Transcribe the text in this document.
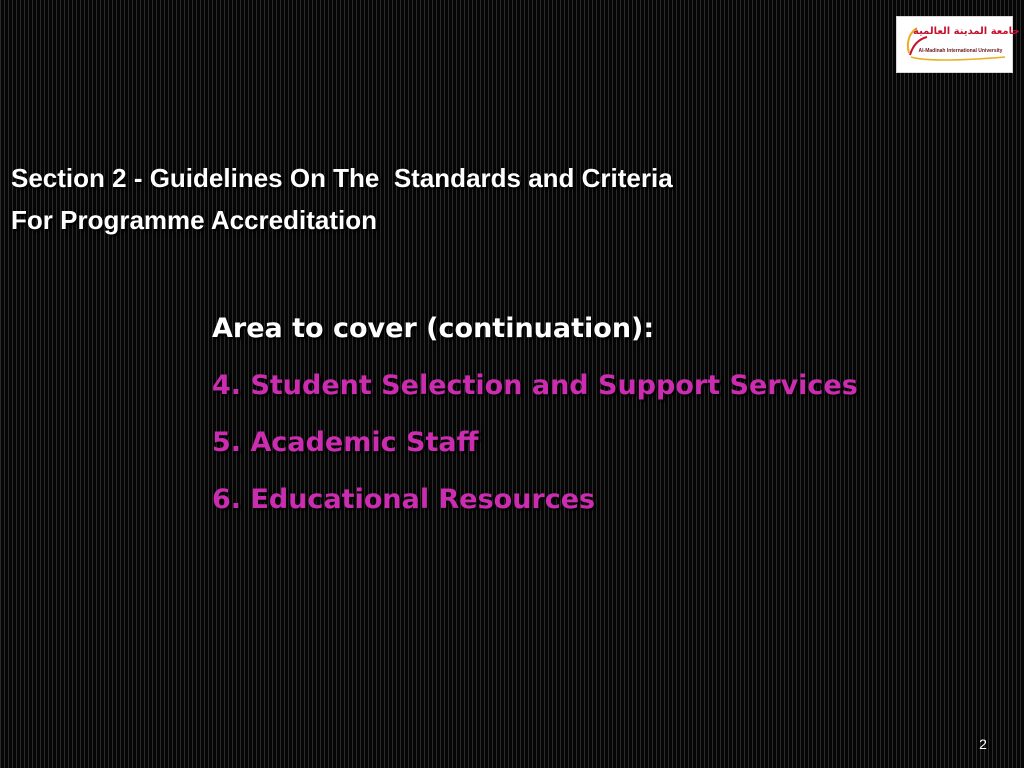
جامعة المدينة العالمية
Al-Madinah International University
Section 2 - Guidelines On The  Standards and Criteria
For Programme Accreditation
Area to cover (continuation):
4. Student Selection and Support Services
5. Academic Staff
6. Educational Resources
2
